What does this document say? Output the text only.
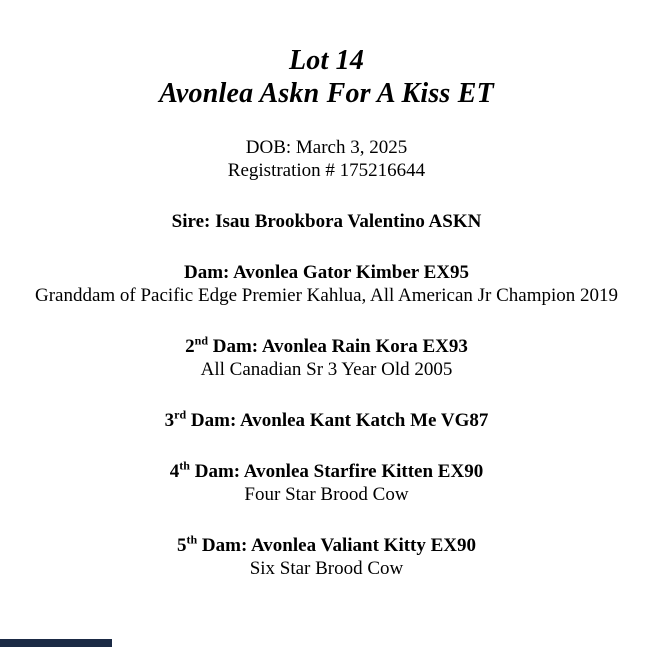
Lot 14
Avonlea Askn For A Kiss ET
DOB: March 3, 2025
Registration # 175216644
Sire: Isau Brookbora Valentino ASKN
Dam: Avonlea Gator Kimber EX95
Granddam of Pacific Edge Premier Kahlua, All American Jr Champion 2019
2nd Dam: Avonlea Rain Kora EX93
All Canadian Sr 3 Year Old 2005
3rd Dam: Avonlea Kant Katch Me VG87
4th Dam: Avonlea Starfire Kitten EX90
Four Star Brood Cow
5th Dam: Avonlea Valiant Kitty EX90
Six Star Brood Cow
